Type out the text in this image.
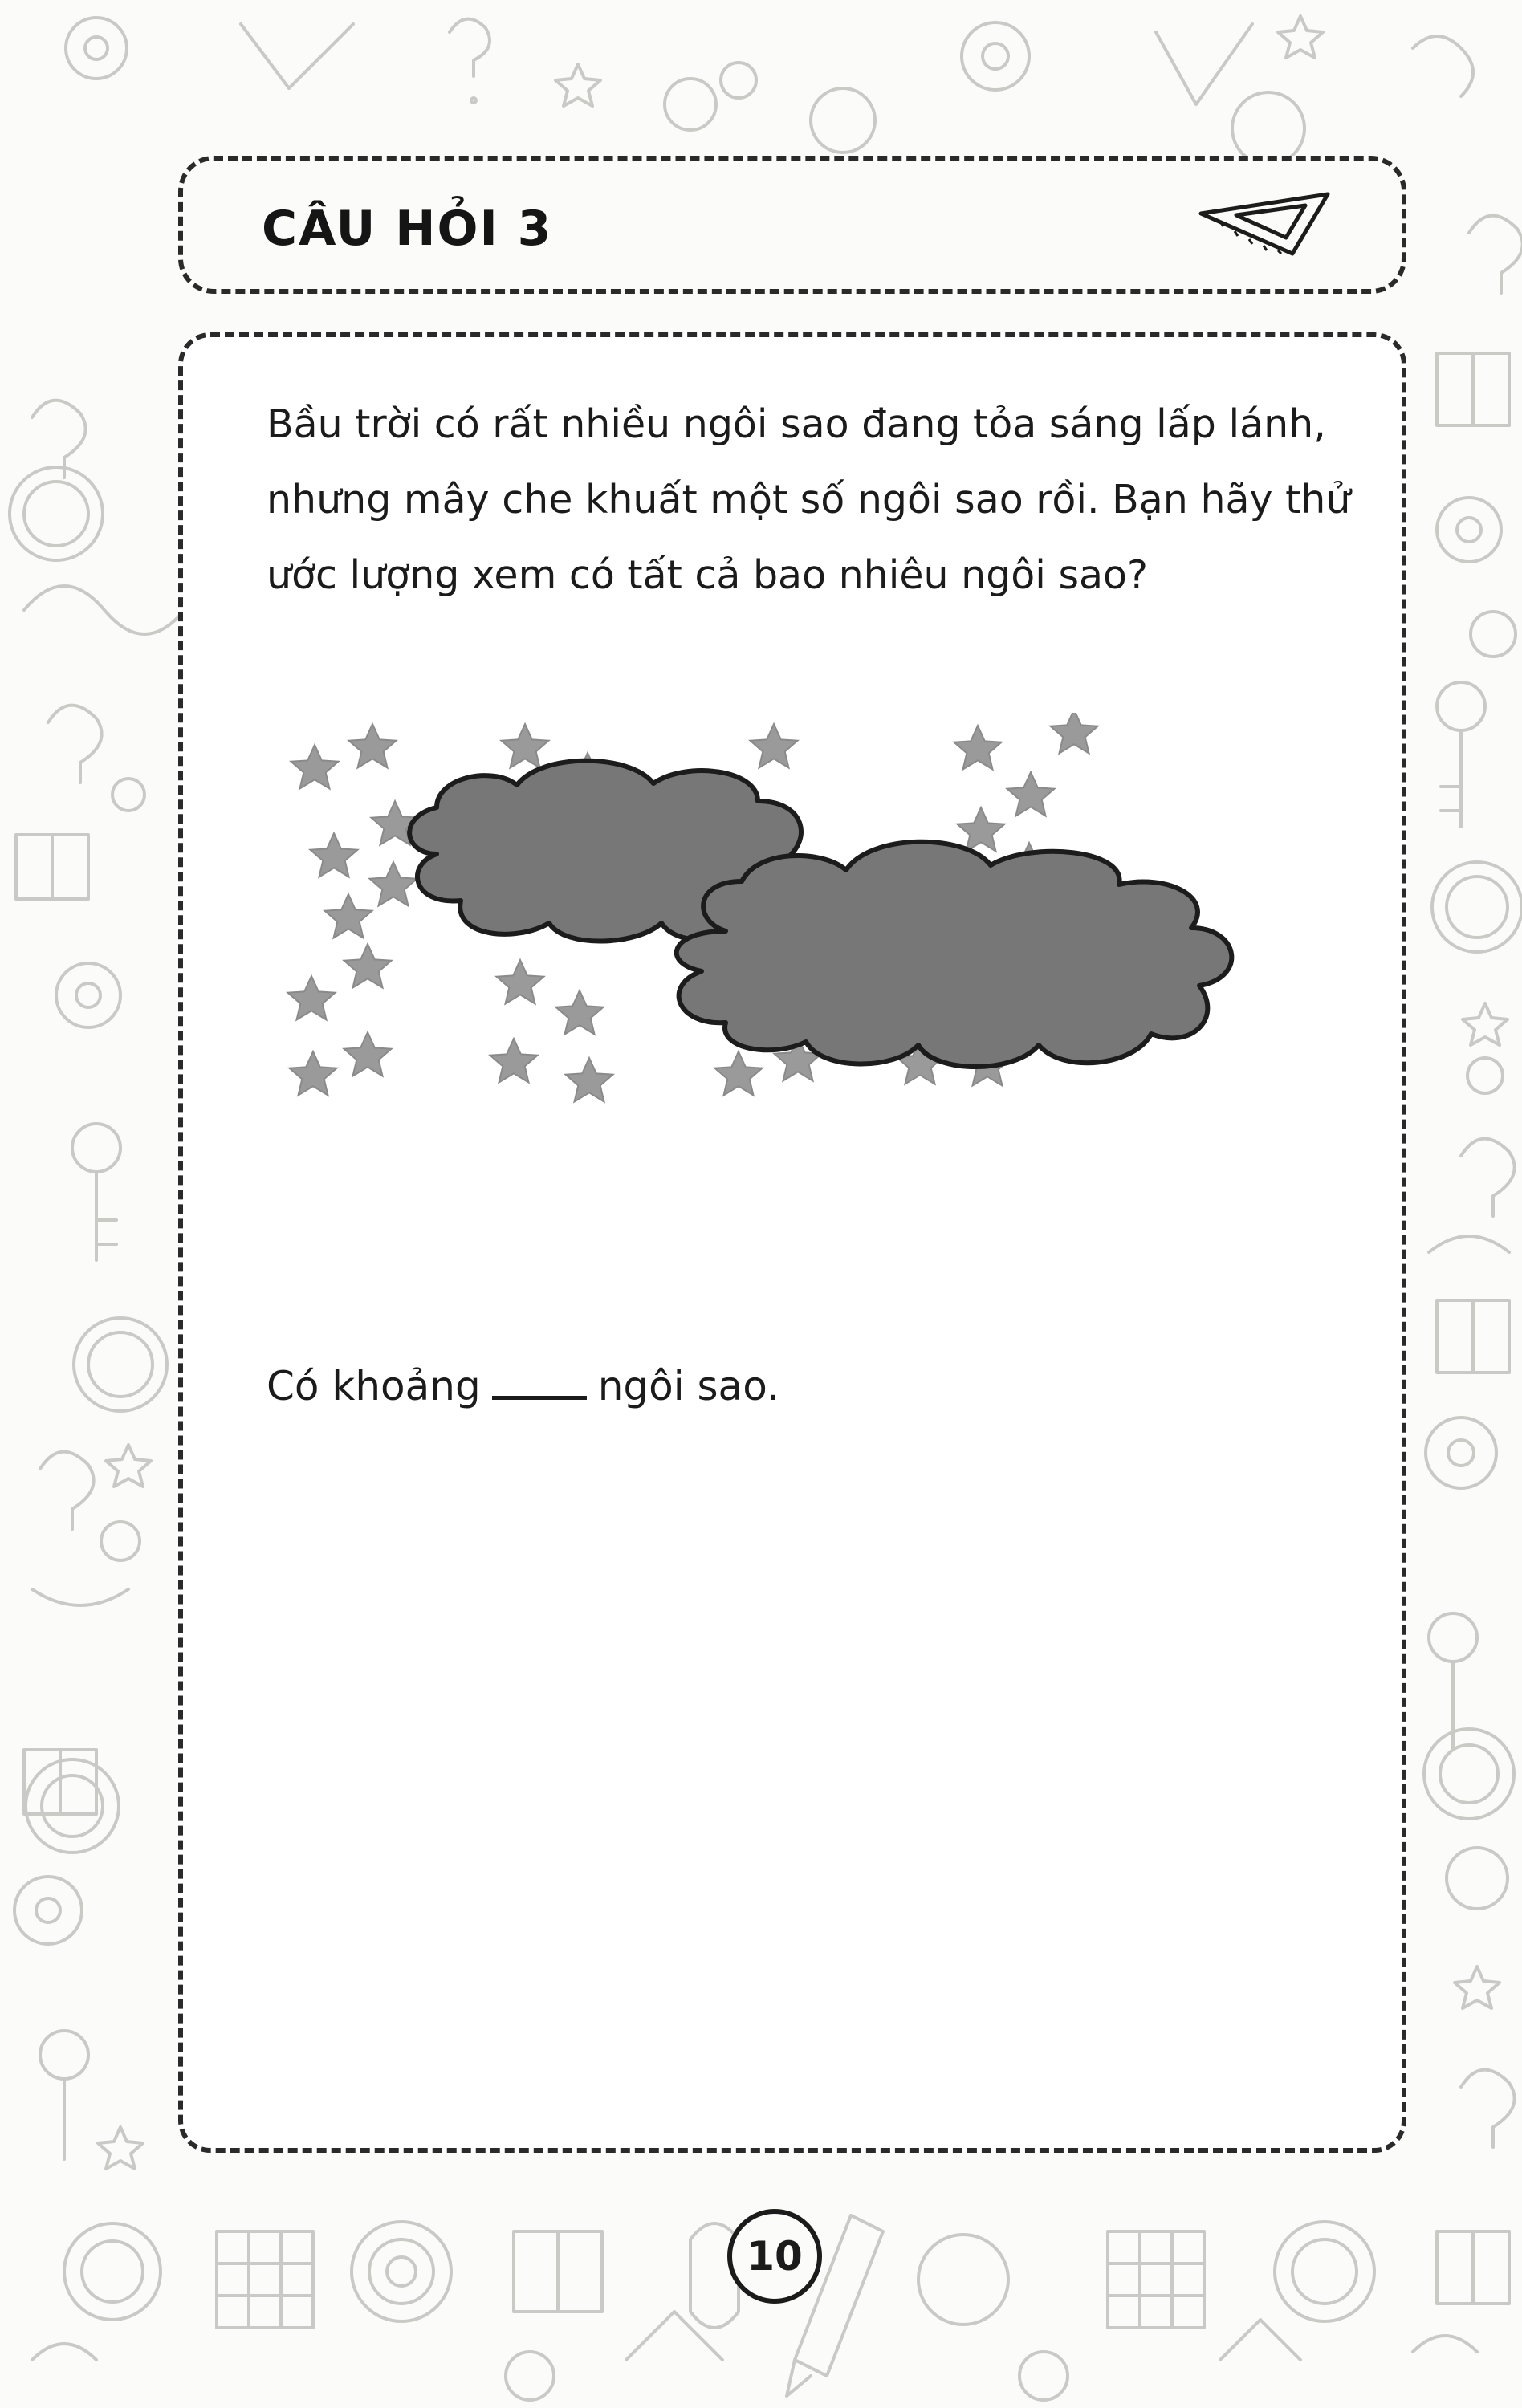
CÂU HỎI 3
Bầu trời có rất nhiều ngôi sao đang tỏa sáng lấp lánh,
nhưng mây che khuất một số ngôi sao rồi. Bạn hãy thử
ước lượng xem có tất cả bao nhiêu ngôi sao?
Có khoảng	ngôi sao.
10
